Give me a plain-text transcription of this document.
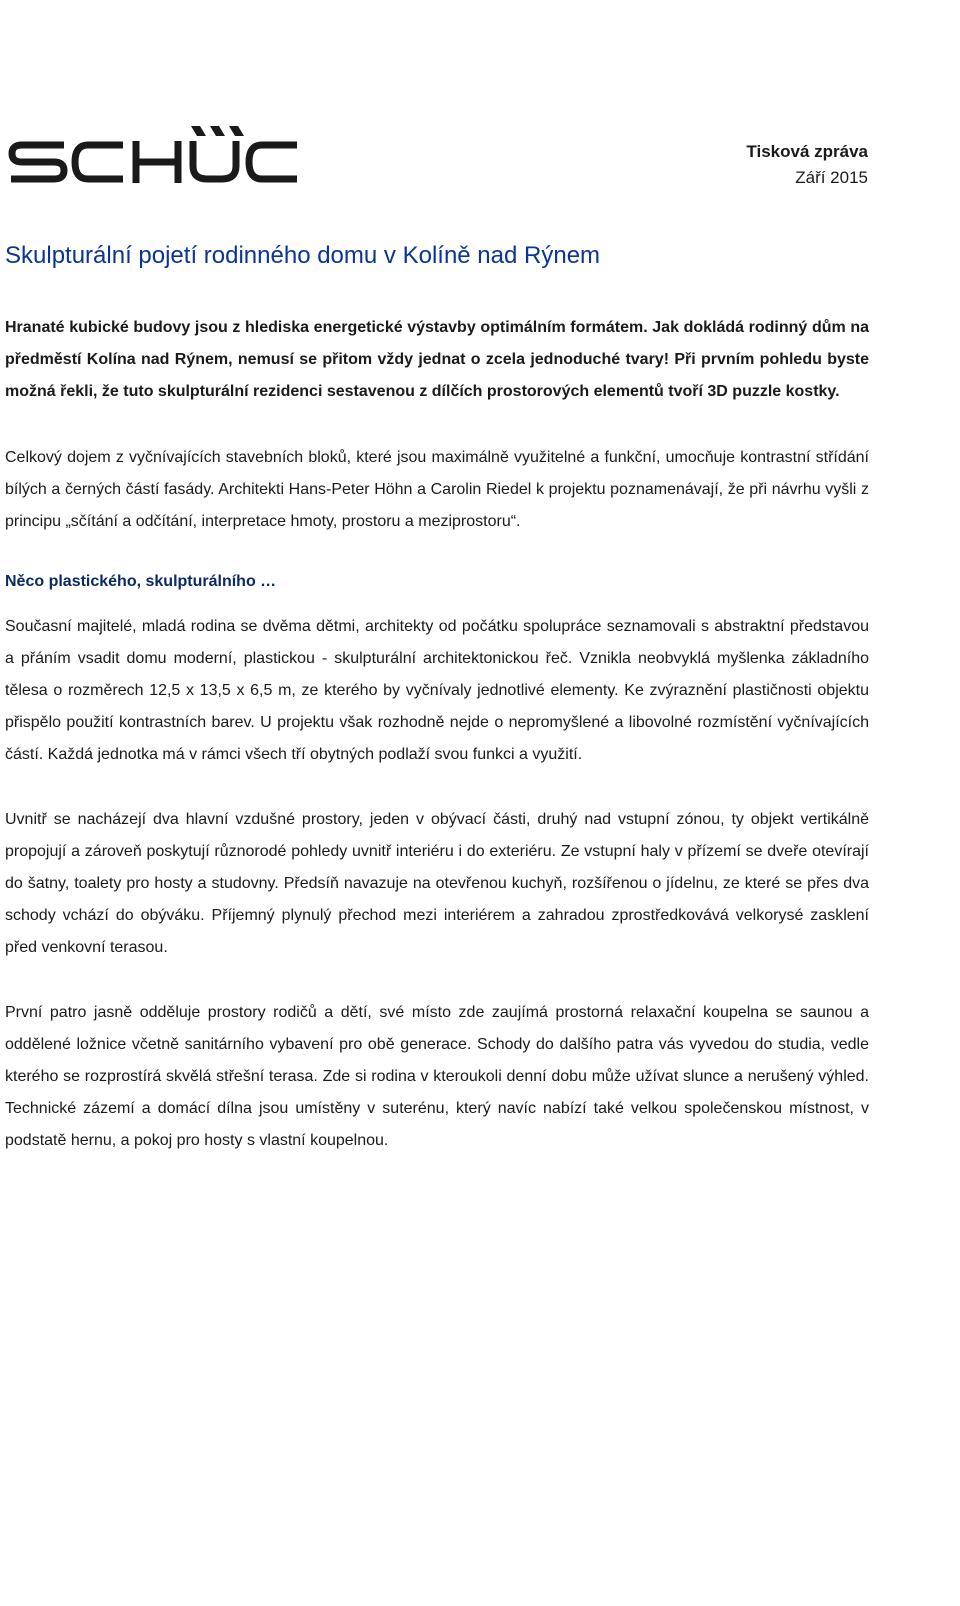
Tisková zpráva

Září 2015

Skulpturální pojetí rodinného domu v Kolíně nad Rýnem

Hranaté kubické budovy jsou z hlediska energetické výstavby optimálním formátem. Jak dokládá rodinný dům na předměstí Kolína nad Rýnem, nemusí se přitom vždy jednat o zcela jednoduché tvary! Při prvním pohledu byste možná řekli, že tuto skulpturální rezidenci sestavenou z dílčích prostorových elementů tvoří 3D puzzle kostky.

Celkový dojem z vyčnívajících stavebních bloků, které jsou maximálně využitelné a funkční, umocňuje kontrastní střídání bílých a černých částí fasády. Architekti Hans-Peter Höhn a Carolin Riedel k projektu poznamenávají, že při návrhu vyšli z principu „sčítání a odčítání, interpretace hmoty, prostoru a meziprostoru“.

Něco plastického, skulpturálního …

Současní majitelé, mladá rodina se dvěma dětmi, architekty od počátku spolupráce seznamovali s abstraktní představou a přáním vsadit domu moderní, plastickou - skulpturální architektonickou řeč. Vznikla neobvyklá myšlenka základního tělesa o rozměrech 12,5 x 13,5 x 6,5 m, ze kterého by vyčnívaly jednotlivé elementy. Ke zvýraznění plastičnosti objektu přispělo použití kontrastních barev. U projektu však rozhodně nejde o nepromyšlené a libovolné rozmístění vyčnívajících částí. Každá jednotka má v rámci všech tří obytných podlaží svou funkci a využití.

Uvnitř se nacházejí dva hlavní vzdušné prostory, jeden v obývací části, druhý nad vstupní zónou, ty objekt vertikálně propojují a zároveň poskytují různorodé pohledy uvnitř interiéru i do exteriéru. Ze vstupní haly v přízemí se dveře otevírají do šatny, toalety pro hosty a studovny. Předsíň navazuje na otevřenou kuchyň, rozšířenou o jídelnu, ze které se přes dva schody vchází do obýváku. Příjemný plynulý přechod mezi interiérem a zahradou zprostředkovává velkorysé zasklení před venkovní terasou.

První patro jasně odděluje prostory rodičů a dětí, své místo zde zaujímá prostorná relaxační koupelna se saunou a oddělené ložnice včetně sanitárního vybavení pro obě generace. Schody do dalšího patra vás vyvedou do studia, vedle kterého se rozprostírá skvělá střešní terasa. Zde si rodina v kteroukoli denní dobu může užívat slunce a nerušený výhled. Technické zázemí a domácí dílna jsou umístěny v suterénu, který navíc nabízí také velkou společenskou místnost, v podstatě hernu, a pokoj pro hosty s vlastní koupelnou.
